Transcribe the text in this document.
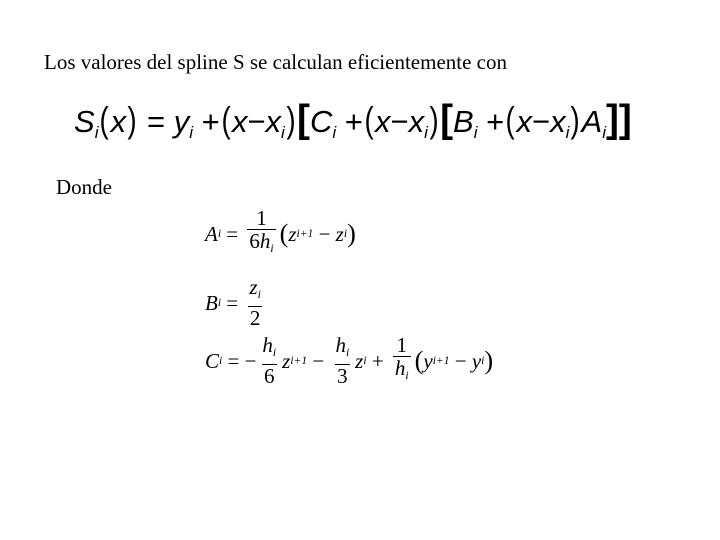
Los valores del spline S se calculan eficientemente con
$S_i(x) = y_i +(x-x_i)[C_i +(x-x_i)[B_i +(x-x_i)A_i]]$
Donde
A $i = \frac{1}{6h_i}$ ( z i+1 − z i )
B $i = \frac{z_i}{2}$
C i = − $\frac{h_i}{6}$ z $i+1 - \frac{h_i}{3}$ z $i + \frac{1}{h_i}$ ( y i+1 − y i )
